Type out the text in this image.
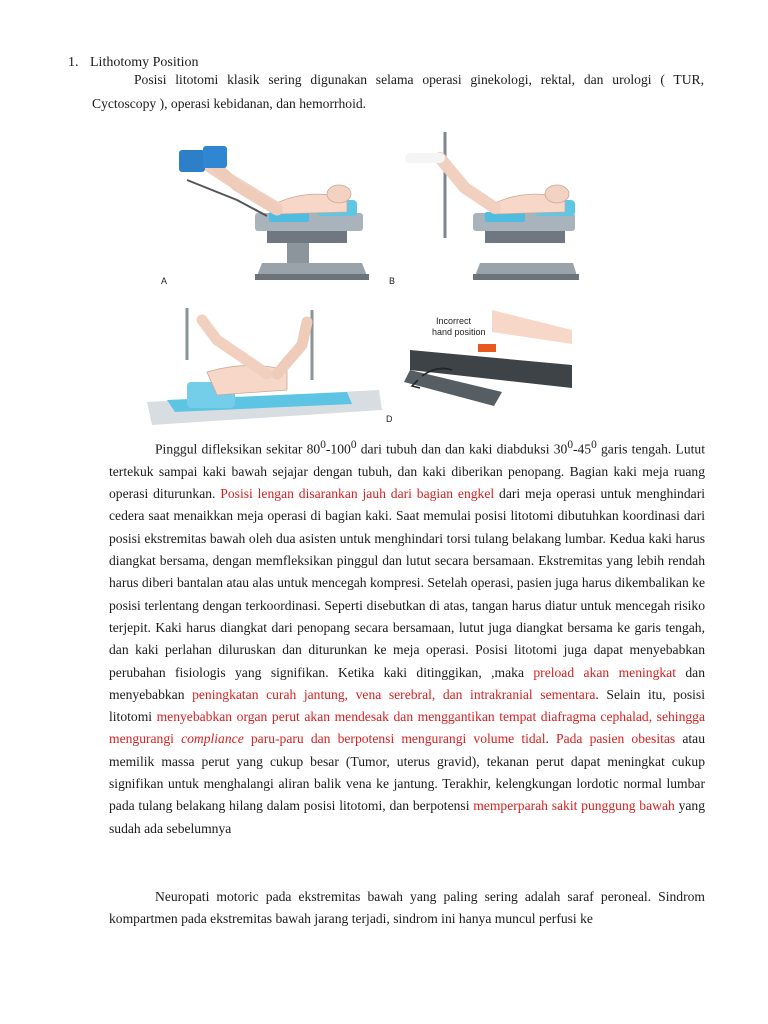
1. Lithotomy Position
Posisi litotomi klasik sering digunakan selama operasi ginekologi, rektal, dan urologi ( TUR, Cyctoscopy ), operasi kebidanan, dan hemorrhoid.
A	B
Incorrect
hand position
D
Pinggul difleksikan sekitar $80^0-100^0$ dari tubuh dan dan kaki diabduksi $30^0-45^0$ garis tengah. Lutut tertekuk sampai kaki bawah sejajar dengan tubuh, dan kaki diberikan penopang. Bagian kaki meja ruang operasi diturunkan. Posisi lengan disarankan jauh dari bagian engkel dari meja operasi untuk menghindari cedera saat menaikkan meja operasi di bagian kaki. Saat memulai posisi litotomi dibutuhkan koordinasi dari posisi ekstremitas bawah oleh dua asisten untuk menghindari torsi tulang belakang lumbar. Kedua kaki harus diangkat bersama, dengan memfleksikan pinggul dan lutut secara bersamaan. Ekstremitas yang lebih rendah harus diberi bantalan atau alas untuk mencegah kompresi. Setelah operasi, pasien juga harus dikembalikan ke posisi terlentang dengan terkoordinasi. Seperti disebutkan di atas, tangan harus diatur untuk mencegah risiko terjepit. Kaki harus diangkat dari penopang secara bersamaan, lutut juga diangkat bersama ke garis tengah, dan kaki perlahan diluruskan dan diturunkan ke meja operasi. Posisi litotomi juga dapat menyebabkan perubahan fisiologis yang signifikan. Ketika kaki ditinggikan, ,maka preload akan meningkat dan menyebabkan peningkatan curah jantung, vena serebral, dan intrakranial sementara. Selain itu, posisi litotomi menyebabkan organ perut akan mendesak dan menggantikan tempat diafragma cephalad, sehingga mengurangi compliance paru-paru dan berpotensi mengurangi volume tidal. Pada pasien obesitas atau memilik massa perut yang cukup besar (Tumor, uterus gravid), tekanan perut dapat meningkat cukup signifikan untuk menghalangi aliran balik vena ke jantung. Terakhir, kelengkungan lordotic normal lumbar pada tulang belakang hilang dalam posisi litotomi, dan berpotensi memperparah sakit punggung bawah yang sudah ada sebelumnya
Neuropati motoric pada ekstremitas bawah yang paling sering adalah saraf peroneal. Sindrom kompartmen pada ekstremitas bawah jarang terjadi, sindrom ini hanya muncul perfusi ke
